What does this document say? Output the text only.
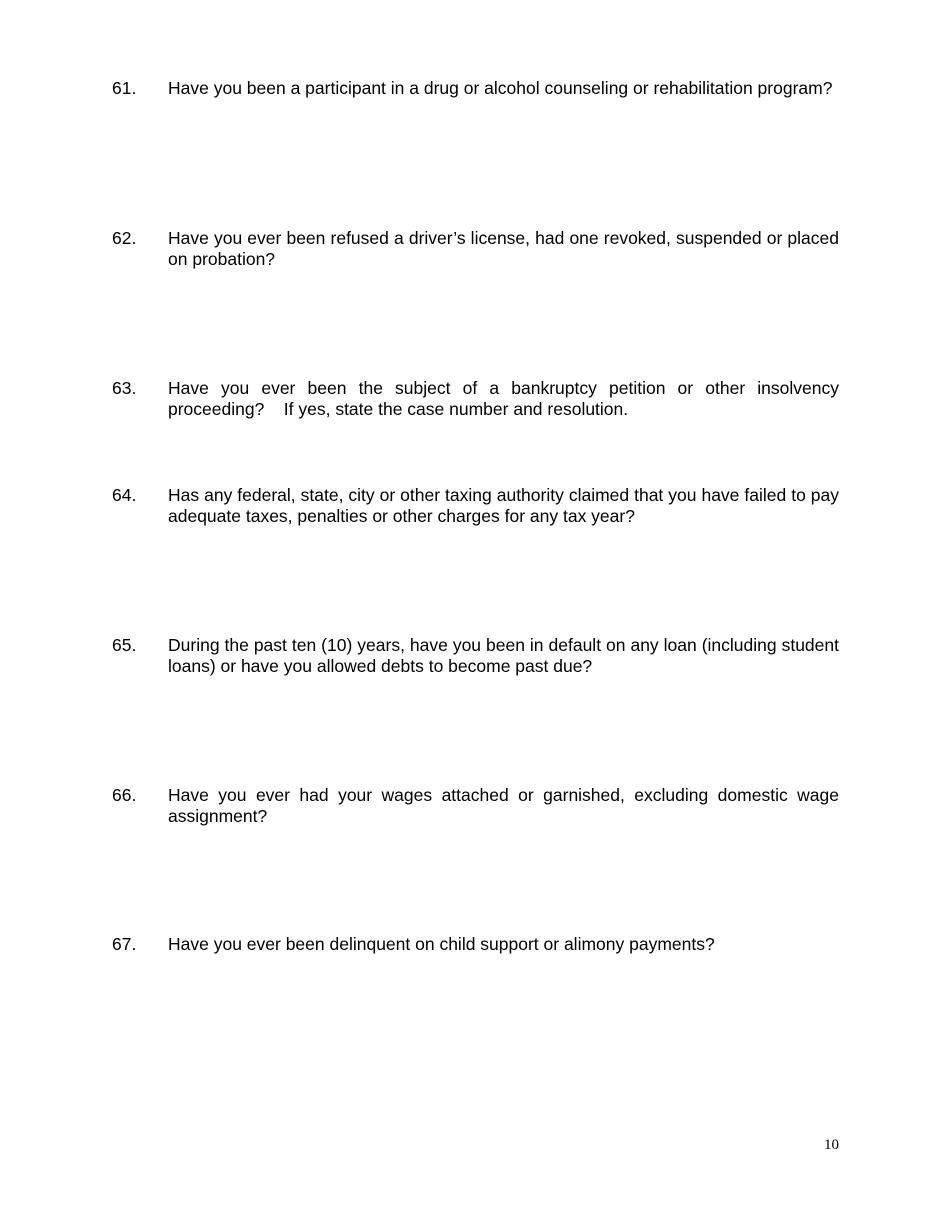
61.	Have you been a participant in a drug or alcohol counseling or rehabilitation program?
62.	Have you ever been refused a driver’s license, had one revoked, suspended or placed on probation?
63.	Have you ever been the subject of a bankruptcy petition or other insolvency proceeding?    If yes, state the case number and resolution.
64.	Has any federal, state, city or other taxing authority claimed that you have failed to pay adequate taxes, penalties or other charges for any tax year?
65.	During the past ten (10) years, have you been in default on any loan (including student loans) or have you allowed debts to become past due?
66.	Have you ever had your wages attached or garnished, excluding domestic wage assignment?
67.	Have you ever been delinquent on child support or alimony payments?
10
